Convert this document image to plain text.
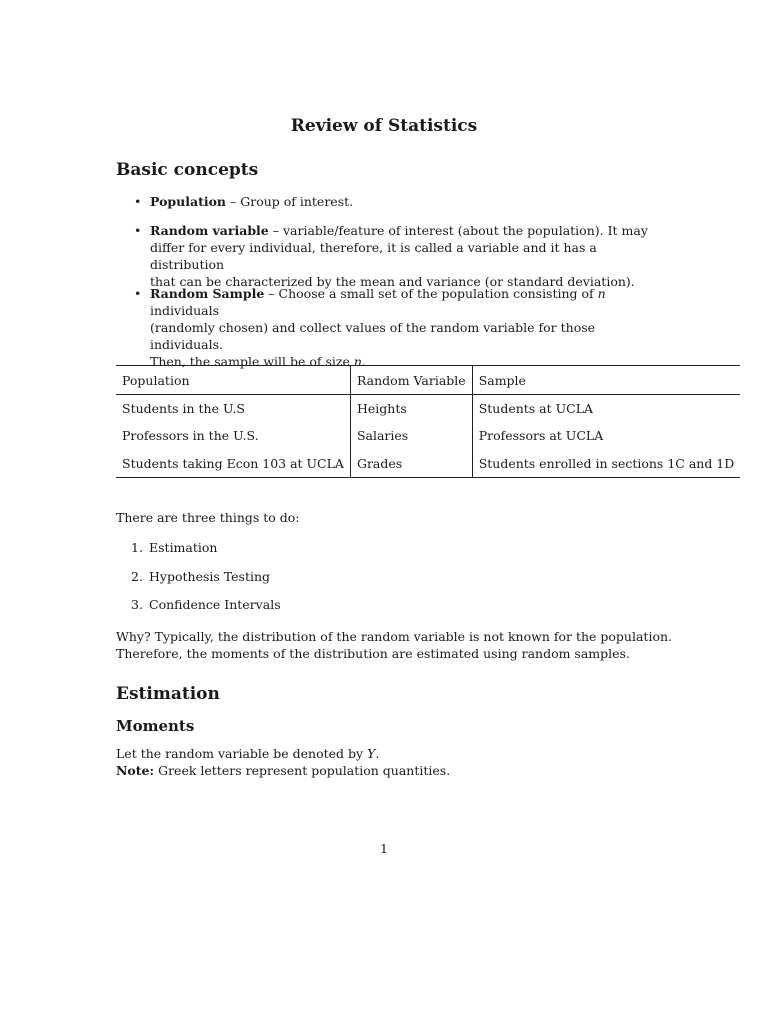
Review of Statistics
Basic concepts
• Population – Group of interest.
• Random variable – variable/feature of interest (about the population). It may
differ for every individual, therefore, it is called a variable and it has a distribution
that can be characterized by the mean and variance (or standard deviation).
• Random Sample – Choose a small set of the population consisting of n individuals
(randomly chosen) and collect values of the random variable for those individuals.
Then, the sample will be of size n.
Population	Random Variable	Sample
Students in the U.S	Heights	Students at UCLA
Professors in the U.S.	Salaries	Professors at UCLA
Students taking Econ 103 at UCLA	Grades	Students enrolled in sections 1C and 1D
There are three things to do:
1. Estimation
2. Hypothesis Testing
3. Confidence Intervals
Why? Typically, the distribution of the random variable is not known for the population.
Therefore, the moments of the distribution are estimated using random samples.
Estimation
Moments
Let the random variable be denoted by Y.
Note: Greek letters represent population quantities.
1
